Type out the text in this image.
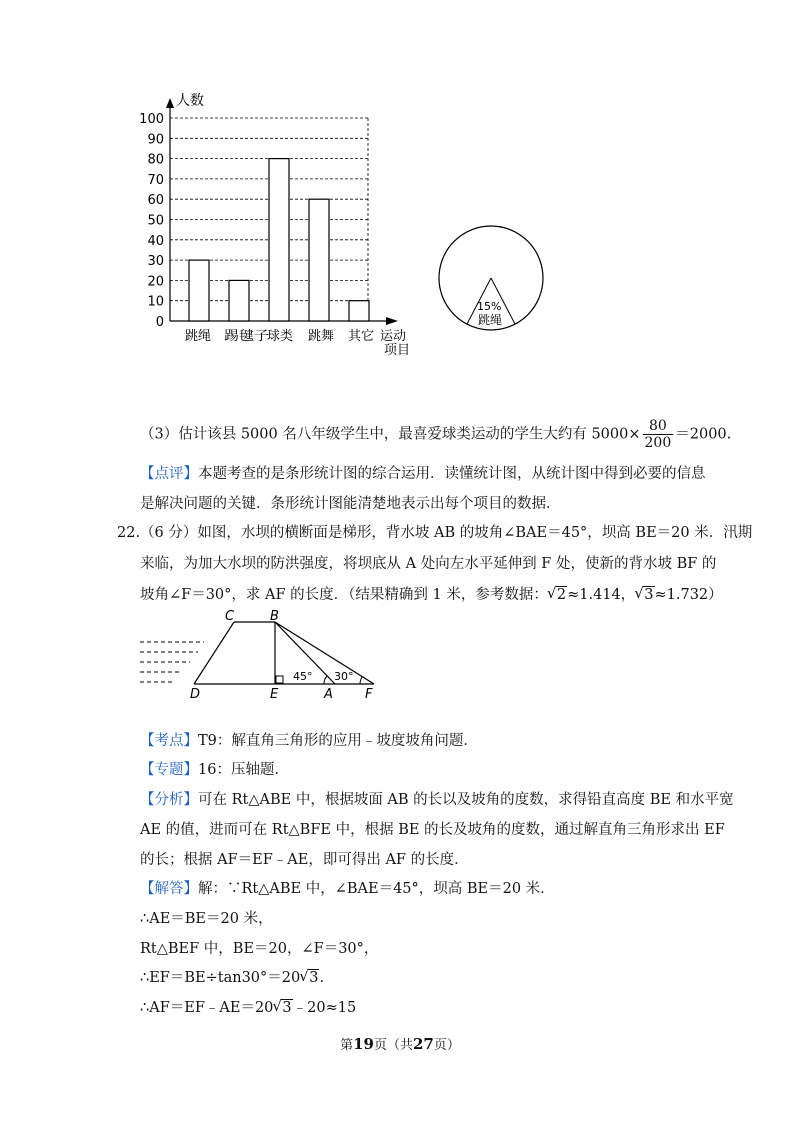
0
10
20
30
40
50
60
70
80
90
100
人数
跳绳 踢毽子 球类 跳舞 其它 运动
项目
15%
跳绳
（3）估计该县 5000 名八年级学生中，最喜爱球类运动的学生大约有 $5000\times \frac{80}{200} =2000$.
【点评】本题考查的是条形统计图的综合运用．读懂统计图，从统计图中得到必要的信息
是解决问题的关键．条形统计图能清楚地表示出每个项目的数据．
22.（6 分）如图，水坝的横断面是梯形，背水坡 AB 的坡角∠BAE＝45°，坝高 BE＝20 米．汛期
来临，为加大水坝的防洪强度，将坝底从 A 处向左水平延伸到 F 处，使新的背水坡 BF 的
坡角∠F＝30°，求 AF 的长度．（结果精确到 1 米，参考数据： √ 2≈1.414， √ 3≈1.732）
C	B
D	E	A F
45° 30°
【考点】T9：解直角三角形的应用﹣坡度坡角问题．
【专题】16：压轴题．
【分析】可在 Rt△ABE 中，根据坡面 AB 的长以及坡角的度数，求得铅直高度 BE 和水平宽
AE 的值，进而可在 Rt△BFE 中，根据 BE 的长及坡角的度数，通过解直角三角形求出 EF
的长；根据 AF＝EF﹣AE，即可得出 AF 的长度．
【解答】解：∵Rt△ABE 中，∠BAE＝45°，坝高 BE＝20 米．
∴AE＝BE＝20 米，
Rt△BEF 中，BE＝20，∠F＝30°，
∴EF＝BE÷tan30°＝20 √ 3.
∴AF＝EF﹣AE＝20 √ 3﹣20≈15
第19页（共27页）
